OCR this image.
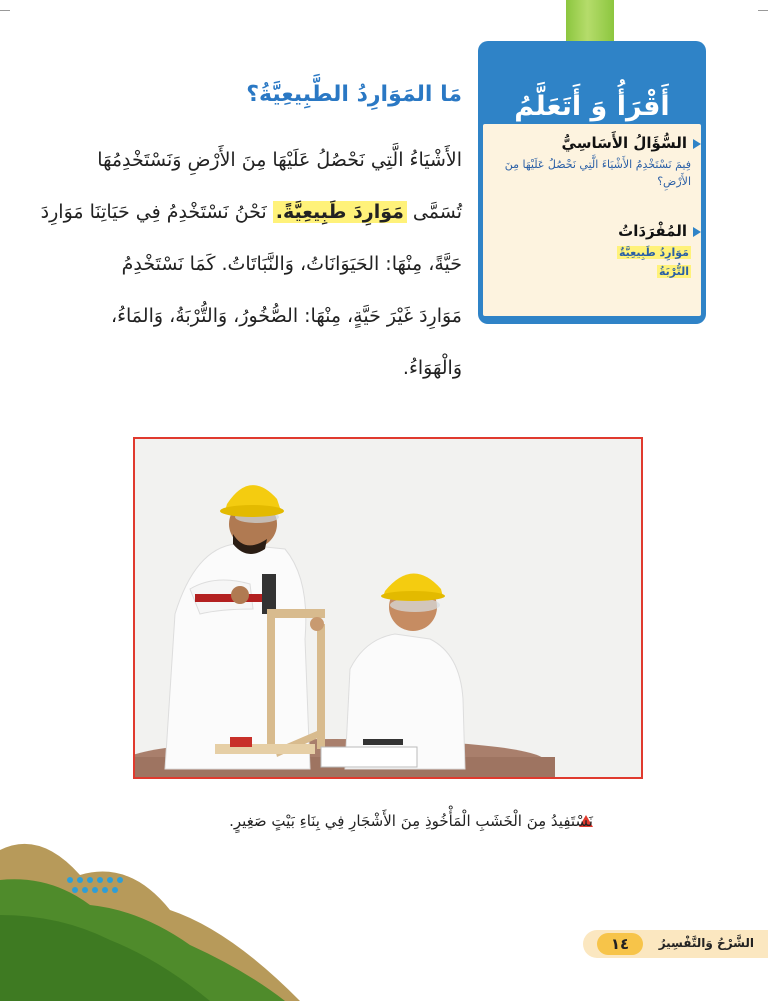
أَقْرَأُ وَ أَتَعَلَّمُ
السُّؤَالُ الأَسَاسِيُّ
فِيمَ نَسْتَخْدِمُ الأَشْيَاءَ الَّتِي نَحْصُلُ عَلَيْهَا مِنَ الأَرْضِ؟
المُفْرَدَاتُ
مَوَارِدُ طَبِيعِيَّةٌ
التُّرْبَةُ
مَا المَوَارِدُ الطَّبِيعِيَّةُ؟
الأَشْيَاءُ الَّتِي نَحْصُلُ عَلَيْهَا مِنَ الأَرْضِ وَنَسْتَخْدِمُهَا
تُسَمَّى مَوَارِدَ طَبِيعِيَّةً. نَحْنُ نَسْتَخْدِمُ فِي حَيَاتِنَا مَوَارِدَ
حَيَّةً، مِنْهَا: الحَيَوَانَاتُ، وَالنَّبَاتَاتُ. كَمَا نَسْتَخْدِمُ
مَوَارِدَ غَيْرَ حَيَّةٍ، مِنْهَا: الصُّخُورُ، وَالتُّرْبَةُ، وَالمَاءُ،
وَالْهَوَاءُ.
نَسْتَفِيدُ مِنَ الْخَشَبِ الْمَأْخُوذِ مِنَ الأَشْجَارِ فِي بِنَاءِ بَيْتٍ صَغِيرٍ.
١٤	الشَّرْحُ وَالتَّفْسِيرُ
